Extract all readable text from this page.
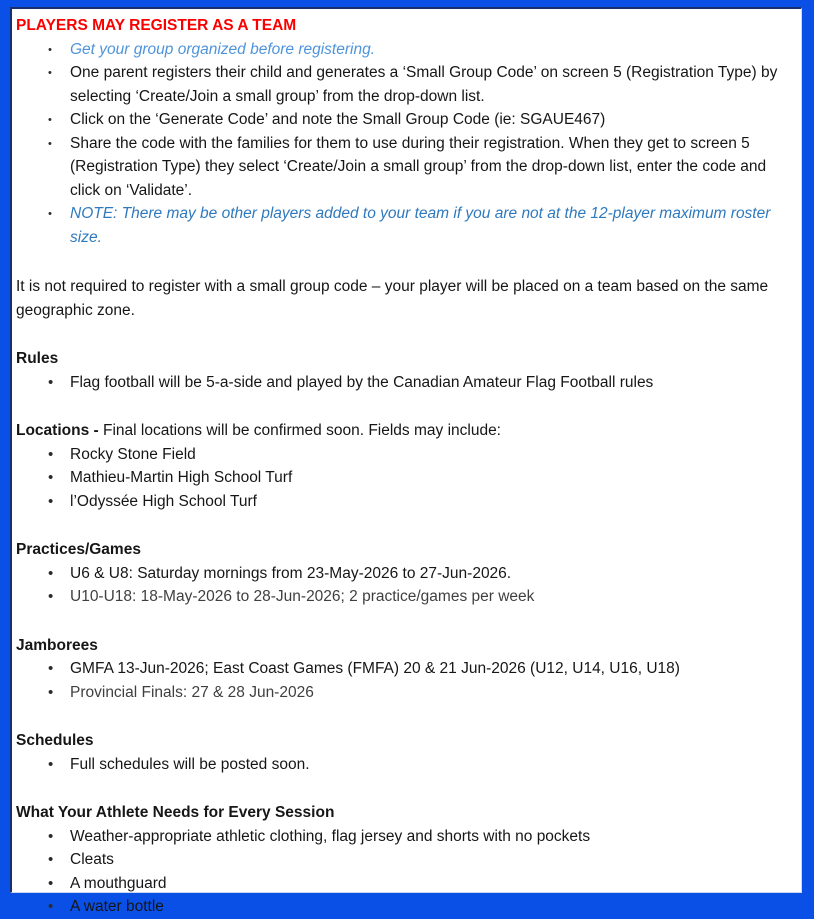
PLAYERS MAY REGISTER AS A TEAM
• Get your group organized before registering.
• One parent registers their child and generates a ‘Small Group Code’ on screen 5 (Registration Type) by selecting ‘Create/Join a small group’ from the drop-down list.
• Click on the ‘Generate Code’ and note the Small Group Code (ie: SGAUE467)
• Share the code with the families for them to use during their registration. When they get to screen 5 (Registration Type) they select ‘Create/Join a small group’ from the drop-down list, enter the code and click on ‘Validate’.
• NOTE: There may be other players added to your team if you are not at the 12-player maximum roster size.

It is not required to register with a small group code – your player will be placed on a team based on the same geographic zone.

Rules
• Flag football will be 5-a-side and played by the Canadian Amateur Flag Football rules
Locations - Final locations will be confirmed soon. Fields may include:
• Rocky Stone Field
• Mathieu-Martin High School Turf
• l’Odyssée High School Turf
Practices/Games
• U6 & U8: Saturday mornings from 23-May-2026 to 27-Jun-2026.
• U10-U18: 18-May-2026 to 28-Jun-2026; 2 practice/games per week
Jamborees
• GMFA 13-Jun-2026; East Coast Games (FMFA) 20 & 21 Jun-2026 (U12, U14, U16, U18)
• Provincial Finals: 27 & 28 Jun-2026
Schedules
• Full schedules will be posted soon.
What Your Athlete Needs for Every Session
• Weather-appropriate athletic clothing, flag jersey and shorts with no pockets
• Cleats
• A mouthguard
• A water bottle
